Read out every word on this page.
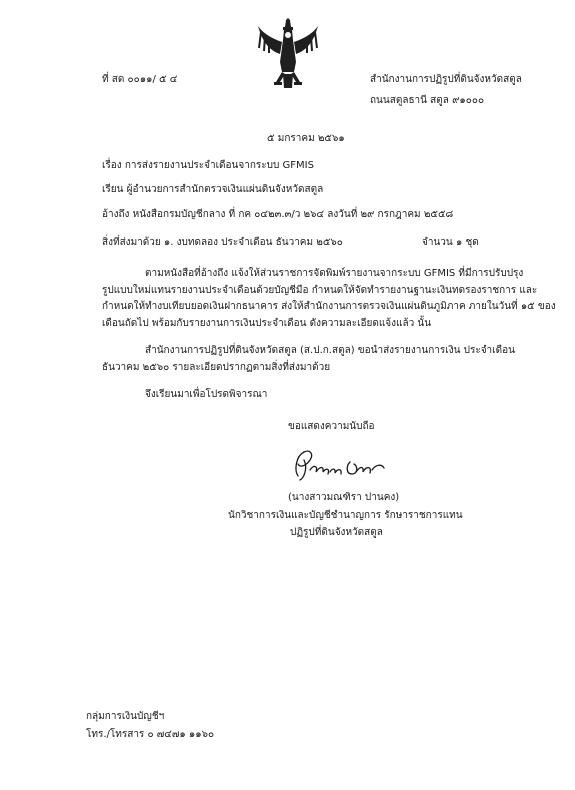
ที่ สด ๐๐๑๑/ ๕ ๔	สำนักงานการปฏิรูปที่ดินจังหวัดสตูล
ถนนสตูลธานี สตูล ๙๑๐๐๐
๕ มกราคม ๒๕๖๑
เรื่อง การส่งรายงานประจำเดือนจากระบบ GFMIS
เรียน ผู้อำนวยการสำนักตรวจเงินแผ่นดินจังหวัดสตูล
อ้างถึง หนังสือกรมบัญชีกลาง ที่ กค ๐๔๒๓.๓/ว ๒๖๔ ลงวันที่ ๒๙ กรกฎาคม ๒๕๕๘
สิ่งที่ส่งมาด้วย ๑. งบทดลอง ประจำเดือน ธันวาคม ๒๕๖๐	จำนวน ๑ ชุด
ตามหนังสือที่อ้างถึง แจ้งให้ส่วนราชการจัดพิมพ์รายงานจากระบบ GFMIS ที่มีการปรับปรุง
รูปแบบใหม่แทนรายงานประจำเดือนด้วยบัญชีมือ กำหนดให้จัดทำรายงานฐานะเงินทดรองราชการ และ
กำหนดให้ทำงบเทียบยอดเงินฝากธนาคาร ส่งให้สำนักงานการตรวจเงินแผ่นดินภูมิภาค ภายในวันที่ ๑๕ ของ
เดือนถัดไป พร้อมกับรายงานการเงินประจำเดือน ดังความละเอียดแจ้งแล้ว นั้น
สำนักงานการปฏิรูปที่ดินจังหวัดสตูล (ส.ป.ก.สตูล) ขอนำส่งรายงานการเงิน ประจำเดือน
ธันวาคม ๒๕๖๐ รายละเอียดปรากฏตามสิ่งที่ส่งมาด้วย
จึงเรียนมาเพื่อโปรดพิจารณา
ขอแสดงความนับถือ
(นางสาวมณฑิรา ปานคง)
นักวิชาการเงินและบัญชีชำนาญการ รักษาราชการแทน
ปฏิรูปที่ดินจังหวัดสตูล
กลุ่มการเงินบัญชีฯ
โทร./โทรสาร ๐ ๗๔๗๑ ๑๑๖๐
